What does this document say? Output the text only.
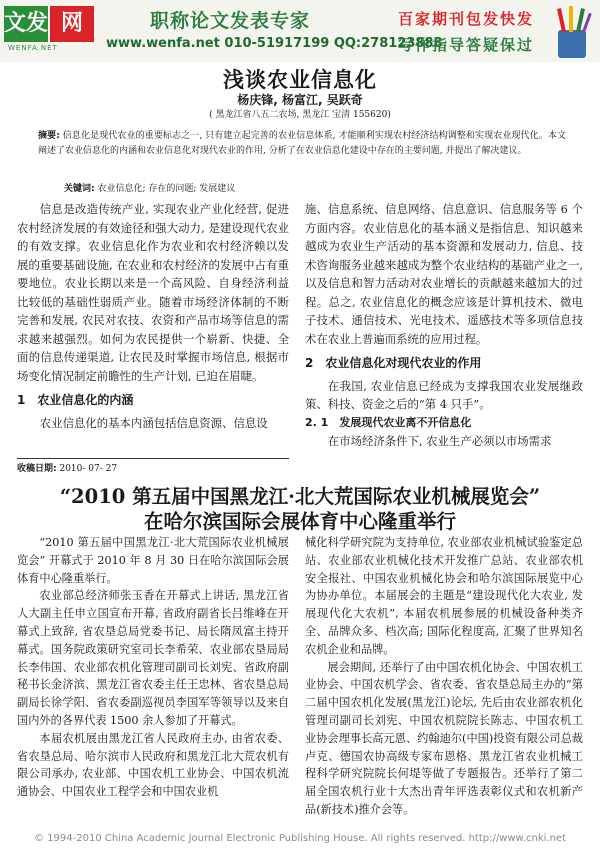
文发 网
WENFA.NET
职称论文发表专家
www.wenfa.net 010-51917199 QQ:278123888
百家期刊包发快发
写作指导答疑保过
浅谈农业信息化
杨庆锋, 杨富江, 吴跃奇
( 黑龙江省八五二农场, 黑龙江 宝清 155620)
摘要: 信息化是现代农业的重要标志之一, 只有建立起完善的农业信息体系, 才能顺利实现农村经济结构调整和实现农业现代化。本文阐述了农业信息化的内涵和农业信息化对现代农业的作用, 分析了在农业信息化建设中存在的主要问题, 并提出了解决建议。
关键词: 农业信息化; 存在的问题; 发展建议

信息是改造传统产业, 实现农业产业化经营, 促进农村经济发展的有效途径和强大动力, 是建设现代农业的有效支撑。农业信息化作为农业和农村经济赖以发展的重要基础设施, 在农业和农村经济的发展中占有重要地位。农业长期以来是一个高风险、自身经济利益比较低的基础性弱质产业。随着市场经济体制的不断完善和发展, 农民对农技、农资和产品市场等信息的需求越来越强烈。如何为农民提供一个崭新、快捷、全面的信息传递渠道, 让农民及时掌握市场信息, 根据市场变化情况制定前瞻性的生产计划, 已迫在眉睫。

1　农业信息化的内涵

农业信息化的基本内涵包括信息资源、信息设

施、信息系统、信息网络、信息意识、信息服务等 6 个方面内容。农业信息化的基本涵义是指信息、知识越来越成为农业生产活动的基本资源和发展动力, 信息、技术咨询服务业越来越成为整个农业结构的基础产业之一, 以及信息和智力活动对农业增长的贡献越来越加大的过程。总之, 农业信息化的概念应该是计算机技术、微电子技术、通信技术、光电技术、遥感技术等多项信息技术在农业上普遍而系统的应用过程。

2　农业信息化对现代农业的作用

在我国, 农业信息已经成为支撑我国农业发展继政策、科技、资金之后的“第 4 只手”。

2. 1　发展现代农业离不开信息化

在市场经济条件下, 农业生产必须以市场需求

收稿日期: 2010- 07- 27
“2010 第五届中国黑龙江·北大荒国际农业机械展览会”
在哈尔滨国际会展体育中心隆重举行

“2010 第五届中国黑龙江·北大荒国际农业机械展览会” 开幕式于 2010 年 8 月 30 日在哈尔滨国际会展体育中心隆重举行。

农业部总经济师张玉香在开幕式上讲话, 黑龙江省人大副主任申立国宣布开幕, 省政府副省长吕维峰在开幕式上致辞, 省农垦总局党委书记、局长隋凤富主持开幕式。国务院政策研究室司长李希荣、农业部农垦局局长李伟国、农业部农机化管理司副司长刘宪、省政府副秘书长金济滨、黑龙江省农委主任王忠林、省农垦总局副局长徐学阳、省农委副巡视员李国军等领导以及来自国内外的各界代表 1500 余人参加了开幕式。

本届农机展由黑龙江省人民政府主办, 由省农委、省农垦总局、哈尔滨市人民政府和黑龙江北大荒农机有限公司承办, 农业部、中国农机工业协会、中国农机流通协会、中国农业工程学会和中国农业机

械化科学研究院为支持单位, 农业部农业机械试验鉴定总站、农业部农业机械化技术开发推广总站、农业部农机安全报社、中国农业机械化协会和哈尔滨国际展览中心为协办单位。本届展会的主题是“建设现代化大农业, 发展现代化大农机”, 本届农机展参展的机械设备种类齐全、品牌众多、档次高; 国际化程度高, 汇聚了世界知名农机企业和品牌。

展会期间, 还举行了由中国农机化协会、中国农机工业协会、中国农机学会、省农委、省农垦总局主办的“第二届中国农机化发展(黑龙江)论坛, 先后由农业部农机化管理司副司长刘宪、中国农机院院长陈志、中国农机工业协会理事长高元恩、约翰迪尔(中国)投资有限公司总裁卢克、德国农协高级专家布恩格、黑龙江省农业机械工程科学研究院院长何堤等做了专题报告。还举行了第二届全国农机行业十大杰出青年评选表彰仪式和农机新产品(新技术)推介会等。

© 1994-2010 China Academic Journal Electronic Publishing House. All rights reserved. http://www.cnki.net
